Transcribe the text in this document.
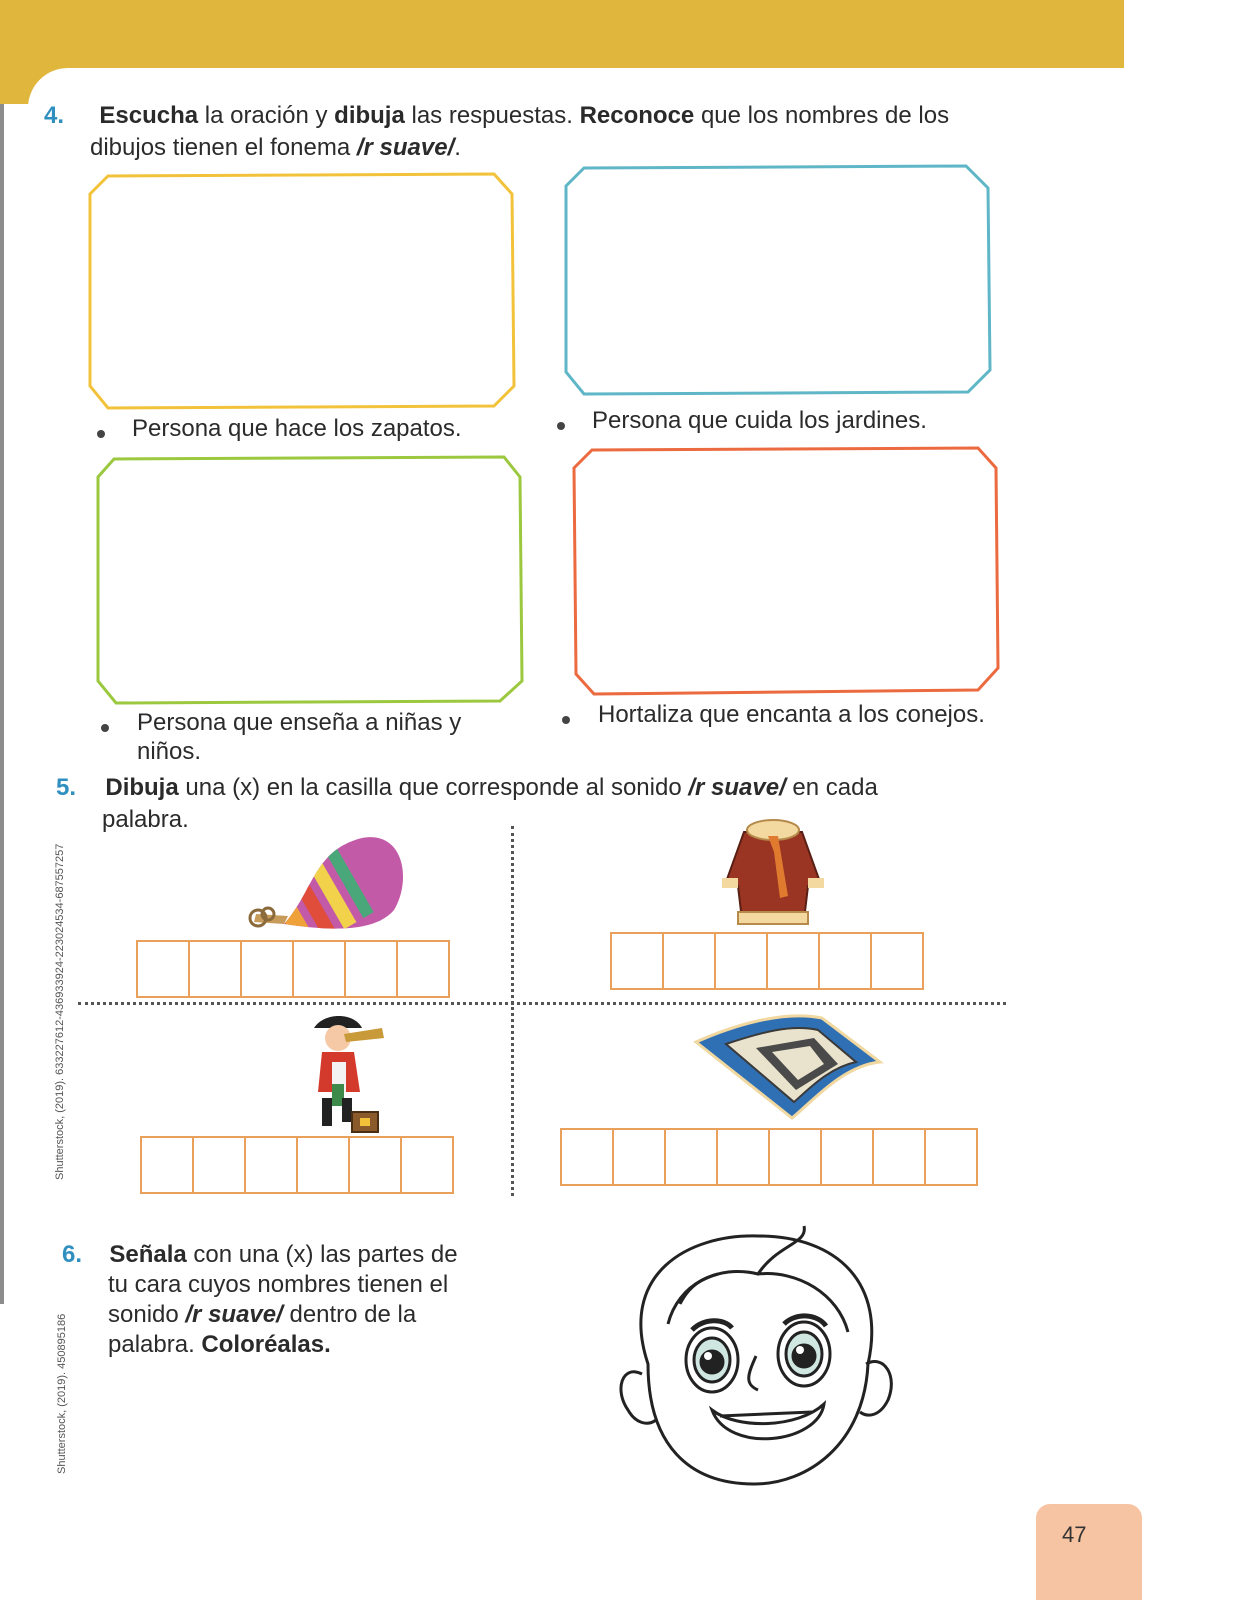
4. Escucha la oración y dibuja las respuestas. Reconoce que los nombres de los
dibujos tienen el fonema /r suave/.
Persona que hace los zapatos.	Persona que cuida los jardines.
Persona que enseña a niñas y
niños.
Hortaliza que encanta a los conejos.
5. Dibuja una (x) en la casilla que corresponde al sonido /r suave/ en cada
palabra.
6. Señala con una (x) las partes de
tu cara cuyos nombres tienen el
sonido /r suave/ dentro de la
palabra. Coloréalas.
Shutterstock, (2019). 633227612-436933924-223024534-687557257
Shutterstock, (2019). 450895186
47
